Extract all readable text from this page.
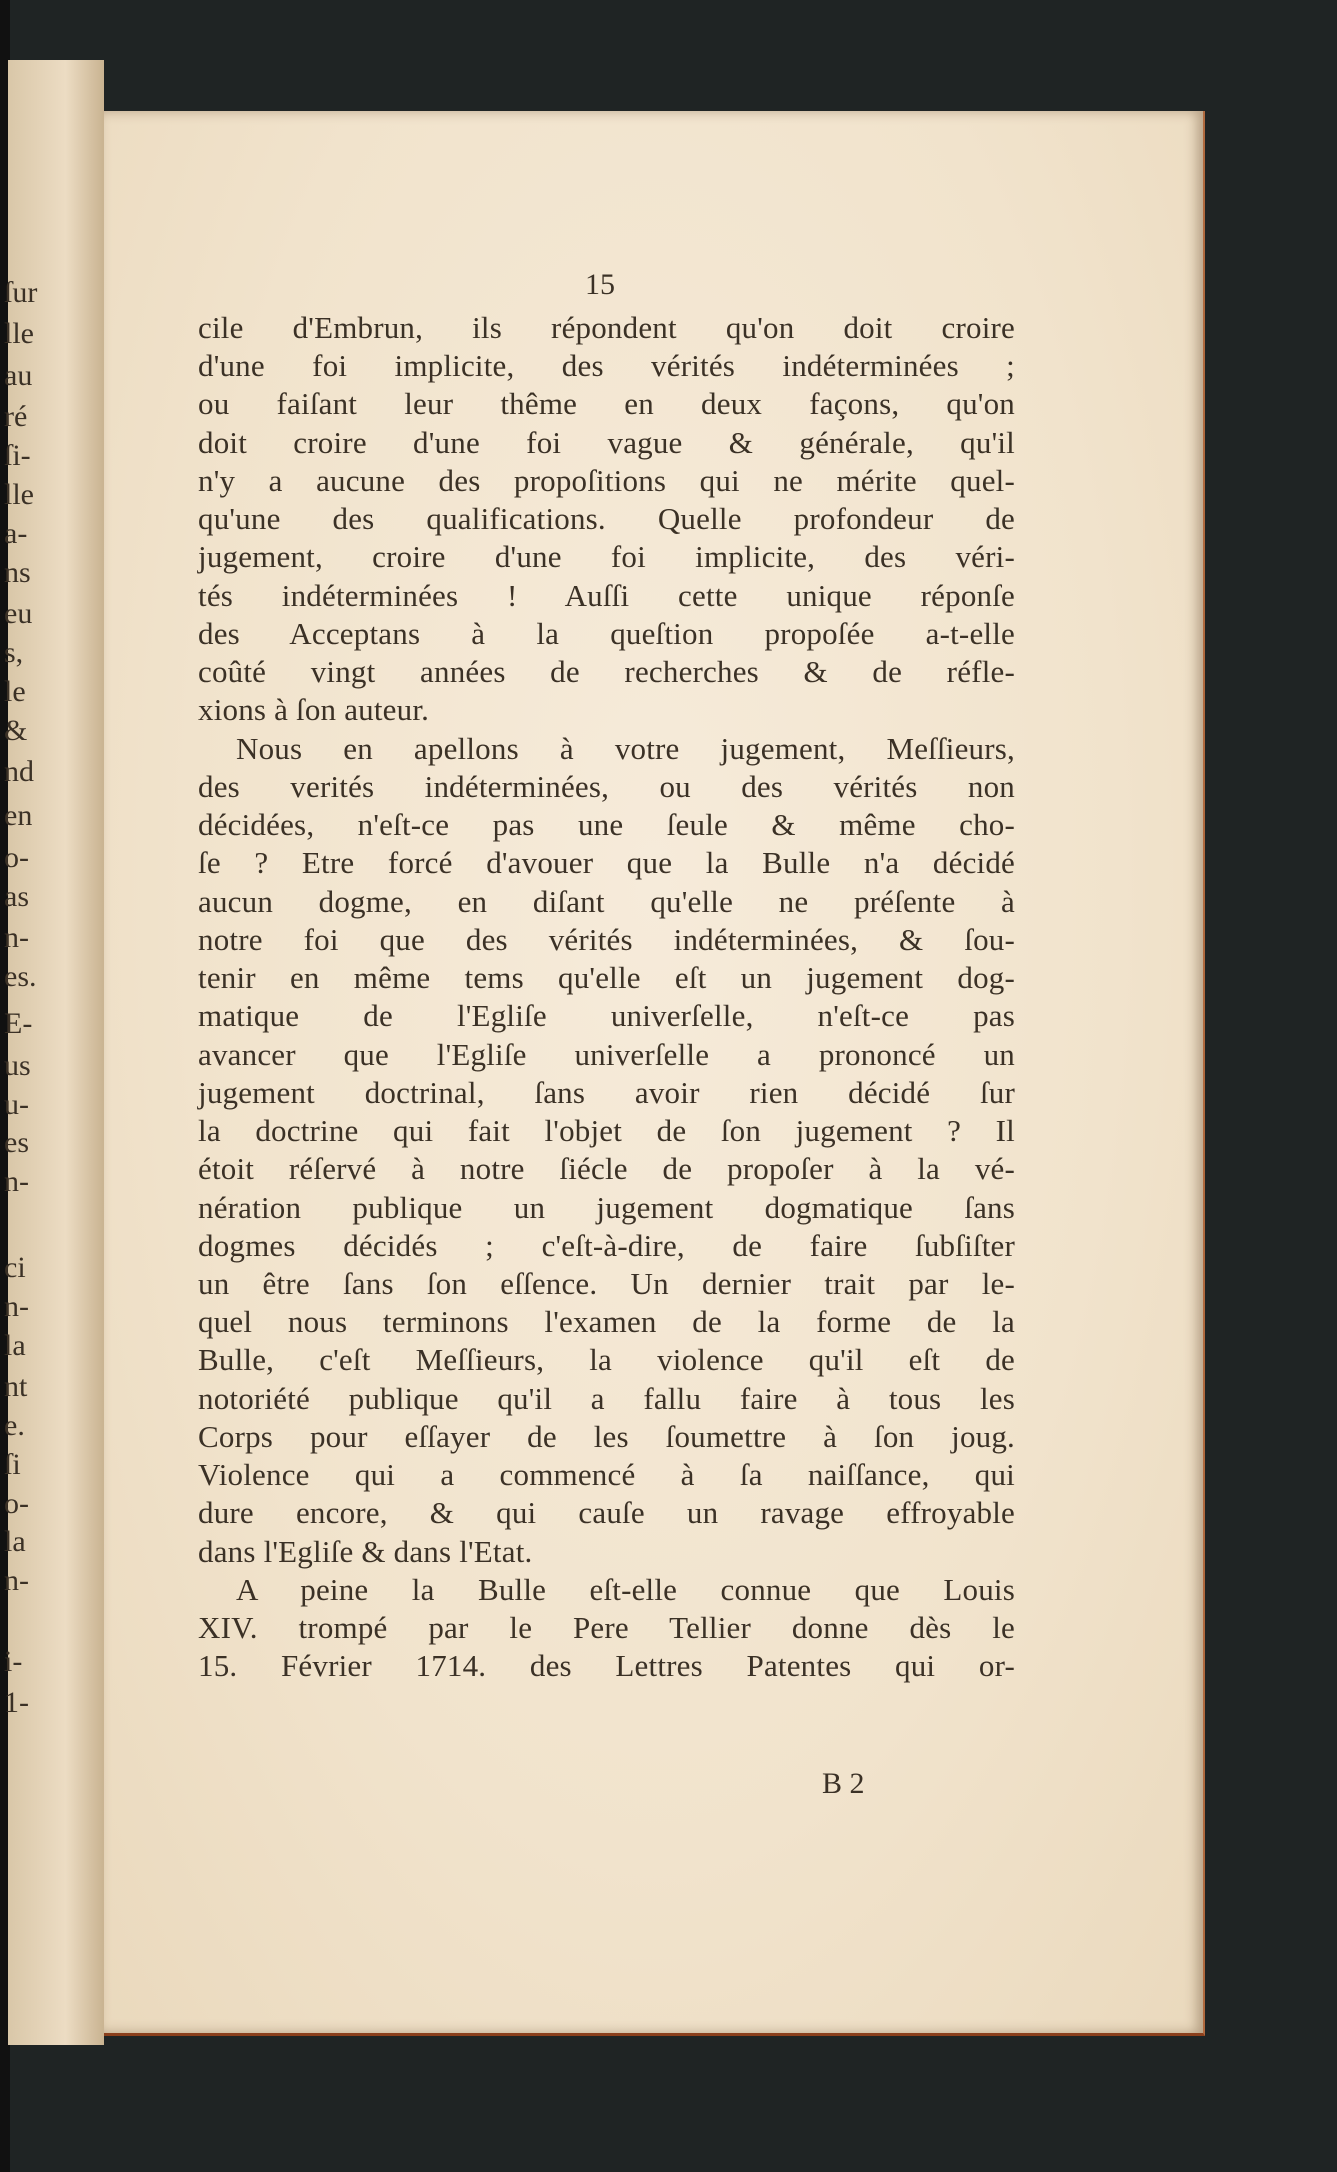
15
cile d'Embrun, ils répondent qu'on doit croire
d'une foi implicite, des vérités indéterminées ;
ou faiſant leur thême en deux façons, qu'on
doit croire d'une foi vague & générale, qu'il
n'y a aucune des propoſitions qui ne mérite quel-
qu'une des qualifications. Quelle profondeur de
jugement, croire d'une foi implicite, des véri-
tés indéterminées ! Auſſi cette unique réponſe
des Acceptans à la queſtion propoſée a-t-elle
coûté vingt années de recherches & de réfle-
xions à ſon auteur.
Nous en apellons à votre jugement, Meſſieurs,
des verités indéterminées, ou des vérités non
décidées, n'eſt-ce pas une ſeule & même cho-
ſe ? Etre forcé d'avouer que la Bulle n'a décidé
aucun dogme, en diſant qu'elle ne préſente à
notre foi que des vérités indéterminées, & ſou-
tenir en même tems qu'elle eſt un jugement dog-
matique de l'Egliſe univerſelle, n'eſt-ce pas
avancer que l'Egliſe univerſelle a prononcé un
jugement doctrinal, ſans avoir rien décidé ſur
la doctrine qui fait l'objet de ſon jugement ? Il
étoit réſervé à notre ſiécle de propoſer à la vé-
nération publique un jugement dogmatique ſans
dogmes décidés ; c'eſt-à-dire, de faire ſubſiſter
un être ſans ſon eſſence. Un dernier trait par le-
quel nous terminons l'examen de la forme de la
Bulle, c'eſt Meſſieurs, la violence qu'il eſt de
notoriété publique qu'il a fallu faire à tous les
Corps pour eſſayer de les ſoumettre à ſon joug.
Violence qui a commencé à ſa naiſſance, qui
dure encore, & qui cauſe un ravage effroyable
dans l'Egliſe & dans l'Etat.
A peine la Bulle eſt-elle connue que Louis
XIV. trompé par le Pere Tellier donne dès le
15. Février 1714. des Lettres Patentes qui or-
ſur
lle
au
ré
ſi-
lle
a-
ns
eu
s,
le
&
nd
en
o-
as
n-
es.
E-
us
u-
es
n-
ci
n-
la
nt
e.
ſi
o-
la
n-
i-
1-
B 2
